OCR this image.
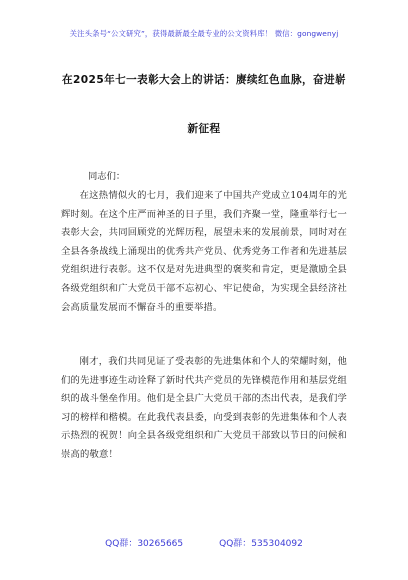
关注头条号“公文研究”，获得最新最全最专业的公文资料库！ 微信：gongwenyj
在2025年七一表彰大会上的讲话：赓续红色血脉，奋进崭
新征程
同志们：
在这热情似火的七月，我们迎来了中国共产党成立104周年的光辉时刻。在这个庄严而神圣的日子里，我们齐聚一堂，隆重举行七一表彰大会，共同回顾党的光辉历程，展望未来的发展前景，同时对在全县各条战线上涌现出的优秀共产党员、优秀党务工作者和先进基层党组织进行表彰。这不仅是对先进典型的褒奖和肯定，更是激励全县各级党组织和广大党员干部不忘初心、牢记使命，为实现全县经济社会高质量发展而不懈奋斗的重要举措。
刚才，我们共同见证了受表彰的先进集体和个人的荣耀时刻，他们的先进事迹生动诠释了新时代共产党员的先锋模范作用和基层党组织的战斗堡垒作用。他们是全县广大党员干部的杰出代表，是我们学习的榜样和楷模。在此我代表县委，向受到表彰的先进集体和个人表示热烈的祝贺！向全县各级党组织和广大党员干部致以节日的问候和崇高的敬意！
QQ群：30265665	QQ群：535304092
